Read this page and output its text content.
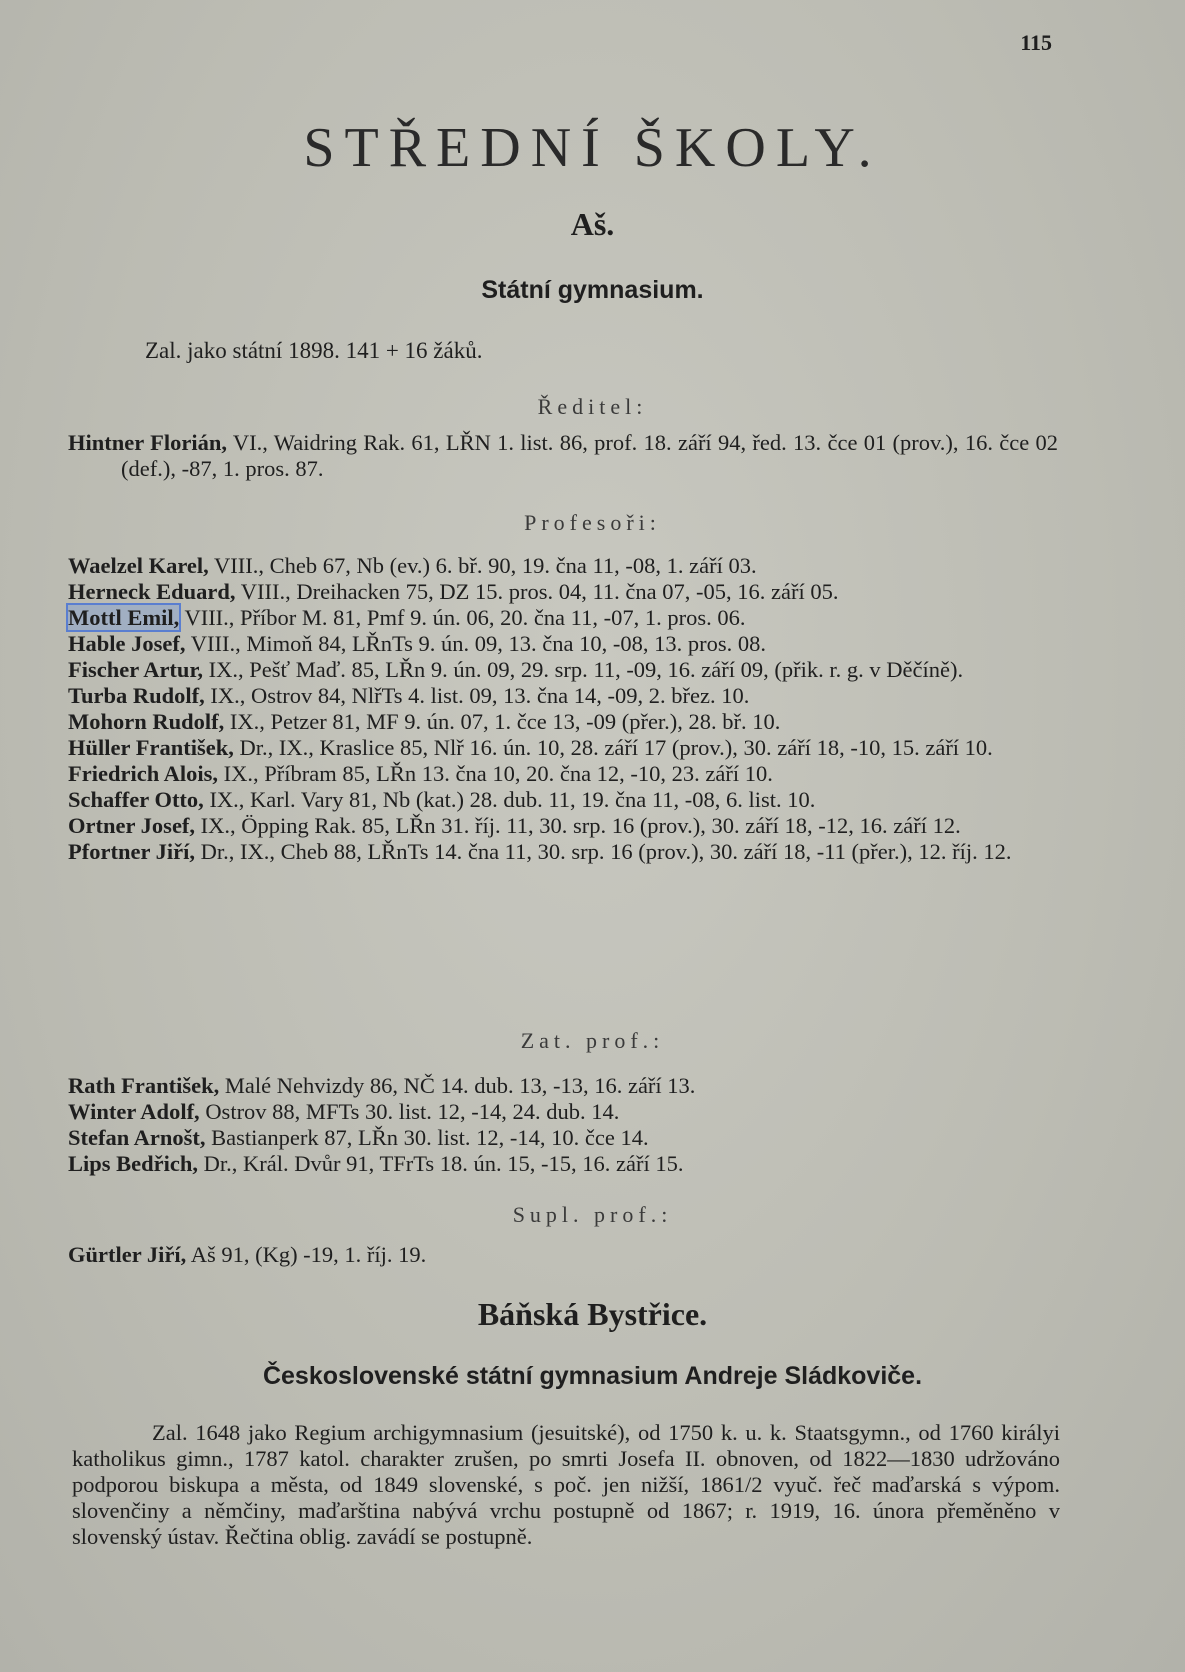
115
STŘEDNÍ ŠKOLY.
Aš.
Státní gymnasium.
Zal. jako státní 1898. 141 + 16 žáků.
Ředitel:

Hintner Florián, VI., Waidring Rak. 61, LŘN 1. list. 86, prof. 18. září 94, řed. 13. čce 01 (prov.), 16. čce 02 (def.), -87, 1. pros. 87.

Profesoři:

Waelzel Karel, VIII., Cheb 67, Nb (ev.) 6. bř. 90, 19. čna 11, -08, 1. září 03.

Herneck Eduard, VIII., Dreihacken 75, DZ 15. pros. 04, 11. čna 07, -05, 16. září 05.

Mottl Emil, VIII., Příbor M. 81, Pmf 9. ún. 06, 20. čna 11, -07, 1. pros. 06.

Hable Josef, VIII., Mimoň 84, LŘnTs 9. ún. 09, 13. čna 10, -08, 13. pros. 08.

Fischer Artur, IX., Pešť Maď. 85, LŘn 9. ún. 09, 29. srp. 11, -09, 16. září 09, (přik. r. g. v Děčíně).

Turba Rudolf, IX., Ostrov 84, NlřTs 4. list. 09, 13. čna 14, -09, 2. břez. 10.

Mohorn Rudolf, IX., Petzer 81, MF 9. ún. 07, 1. čce 13, -09 (přer.), 28. bř. 10.

Hüller František, Dr., IX., Kraslice 85, Nlř 16. ún. 10, 28. září 17 (prov.), 30. září 18, -10, 15. září 10.

Friedrich Alois, IX., Příbram 85, LŘn 13. čna 10, 20. čna 12, -10, 23. září 10.

Schaffer Otto, IX., Karl. Vary 81, Nb (kat.) 28. dub. 11, 19. čna 11, -08, 6. list. 10.

Ortner Josef, IX., Öpping Rak. 85, LŘn 31. říj. 11, 30. srp. 16 (prov.), 30. září 18, -12, 16. září 12.

Pfortner Jiří, Dr., IX., Cheb 88, LŘnTs 14. čna 11, 30. srp. 16 (prov.), 30. září 18, -11 (přer.), 12. říj. 12.

Zat. prof.:

Rath František, Malé Nehvizdy 86, NČ 14. dub. 13, -13, 16. září 13.

Winter Adolf, Ostrov 88, MFTs 30. list. 12, -14, 24. dub. 14.

Stefan Arnošt, Bastianperk 87, LŘn 30. list. 12, -14, 10. čce 14.

Lips Bedřich, Dr., Král. Dvůr 91, TFrTs 18. ún. 15, -15, 16. září 15.

Supl. prof.:

Gürtler Jiří, Aš 91, (Kg) -19, 1. říj. 19.

Báňská Bystřice.
Československé státní gymnasium Andreje Sládkoviče.

Zal. 1648 jako Regium archigymnasium (jesuitské), od 1750 k. u. k. Staatsgymn., od 1760 királyi katholikus gimn., 1787 katol. charakter zrušen, po smrti Josefa II. obnoven, od 1822—1830 udržováno podporou biskupa a města, od 1849 slovenské, s poč. jen nižší, 1861/2 vyuč. řeč maďarská s výpom. slovenčiny a němčiny, maďarština nabývá vrchu postupně od 1867; r. 1919, 16. února přeměněno v slovenský ústav. Řečtina oblig. zavádí se postupně.
